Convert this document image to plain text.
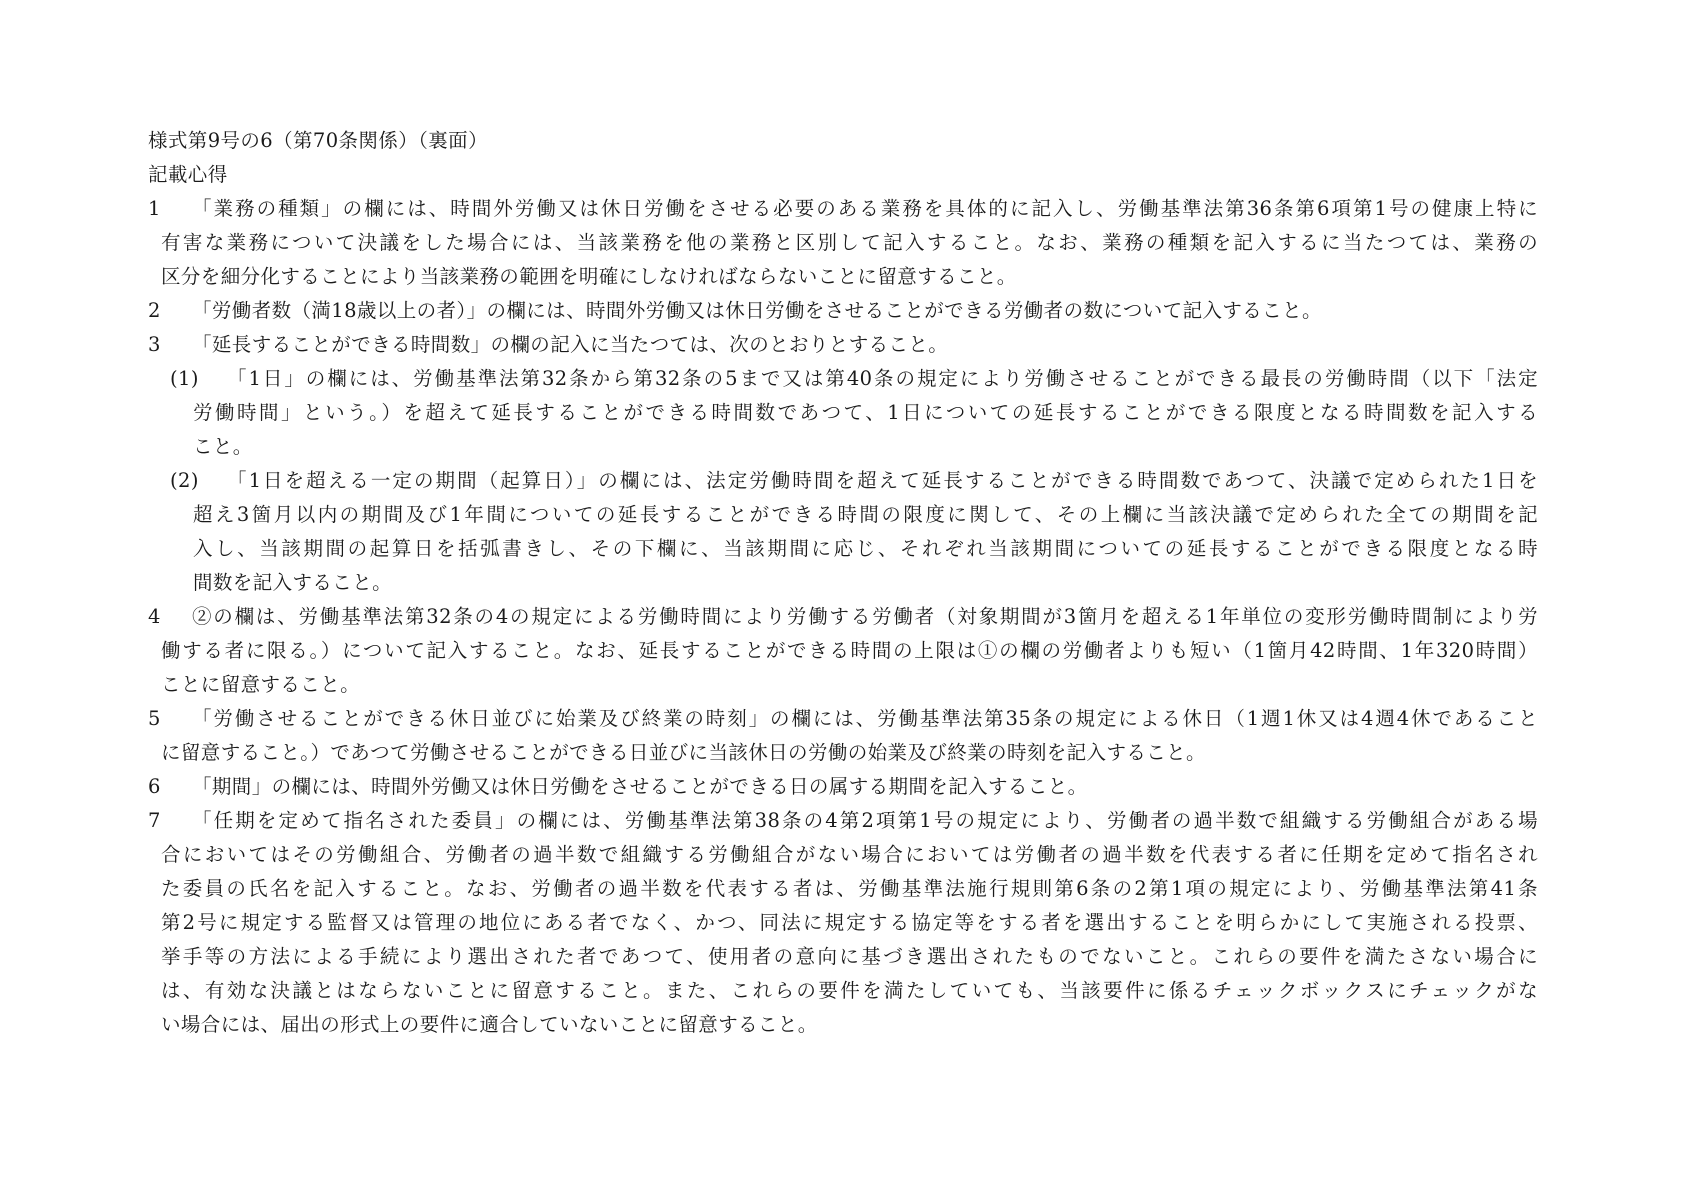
様式第9号の6（第70条関係）（裏面）
記載心得
1	「業務の種類」の欄には、時間外労働又は休日労働をさせる必要のある業務を具体的に記入し、労働基準法第36条第6項第1号の健康上特に
有害な業務について決議をした場合には、当該業務を他の業務と区別して記入すること。なお、業務の種類を記入するに当たつては、業務の
区分を細分化することにより当該業務の範囲を明確にしなければならないことに留意すること。
2	「労働者数（満18歳以上の者）」の欄には、時間外労働又は休日労働をさせることができる労働者の数について記入すること。
3	「延長することができる時間数」の欄の記入に当たつては、次のとおりとすること。
(1)	「1日」の欄には、労働基準法第32条から第32条の5まで又は第40条の規定により労働させることができる最長の労働時間（以下「法定
労働時間」という。）を超えて延長することができる時間数であつて、1日についての延長することができる限度となる時間数を記入する
こと。
(2)	「1日を超える一定の期間（起算日）」の欄には、法定労働時間を超えて延長することができる時間数であつて、決議で定められた1日を
超え3箇月以内の期間及び1年間についての延長することができる時間の限度に関して、その上欄に当該決議で定められた全ての期間を記
入し、当該期間の起算日を括弧書きし、その下欄に、当該期間に応じ、それぞれ当該期間についての延長することができる限度となる時
間数を記入すること。
4	②の欄は、労働基準法第32条の4の規定による労働時間により労働する労働者（対象期間が3箇月を超える1年単位の変形労働時間制により労
働する者に限る。）について記入すること。なお、延長することができる時間の上限は①の欄の労働者よりも短い（1箇月42時間、1年320時間）
ことに留意すること。
5	「労働させることができる休日並びに始業及び終業の時刻」の欄には、労働基準法第35条の規定による休日（1週1休又は4週4休であること
に留意すること。）であつて労働させることができる日並びに当該休日の労働の始業及び終業の時刻を記入すること。
6	「期間」の欄には、時間外労働又は休日労働をさせることができる日の属する期間を記入すること。
7	「任期を定めて指名された委員」の欄には、労働基準法第38条の4第2項第1号の規定により、労働者の過半数で組織する労働組合がある場
合においてはその労働組合、労働者の過半数で組織する労働組合がない場合においては労働者の過半数を代表する者に任期を定めて指名され
た委員の氏名を記入すること。なお、労働者の過半数を代表する者は、労働基準法施行規則第6条の2第1項の規定により、労働基準法第41条
第2号に規定する監督又は管理の地位にある者でなく、かつ、同法に規定する協定等をする者を選出することを明らかにして実施される投票、
挙手等の方法による手続により選出された者であつて、使用者の意向に基づき選出されたものでないこと。これらの要件を満たさない場合に
は、有効な決議とはならないことに留意すること。また、これらの要件を満たしていても、当該要件に係るチェックボックスにチェックがな
い場合には、届出の形式上の要件に適合していないことに留意すること。
